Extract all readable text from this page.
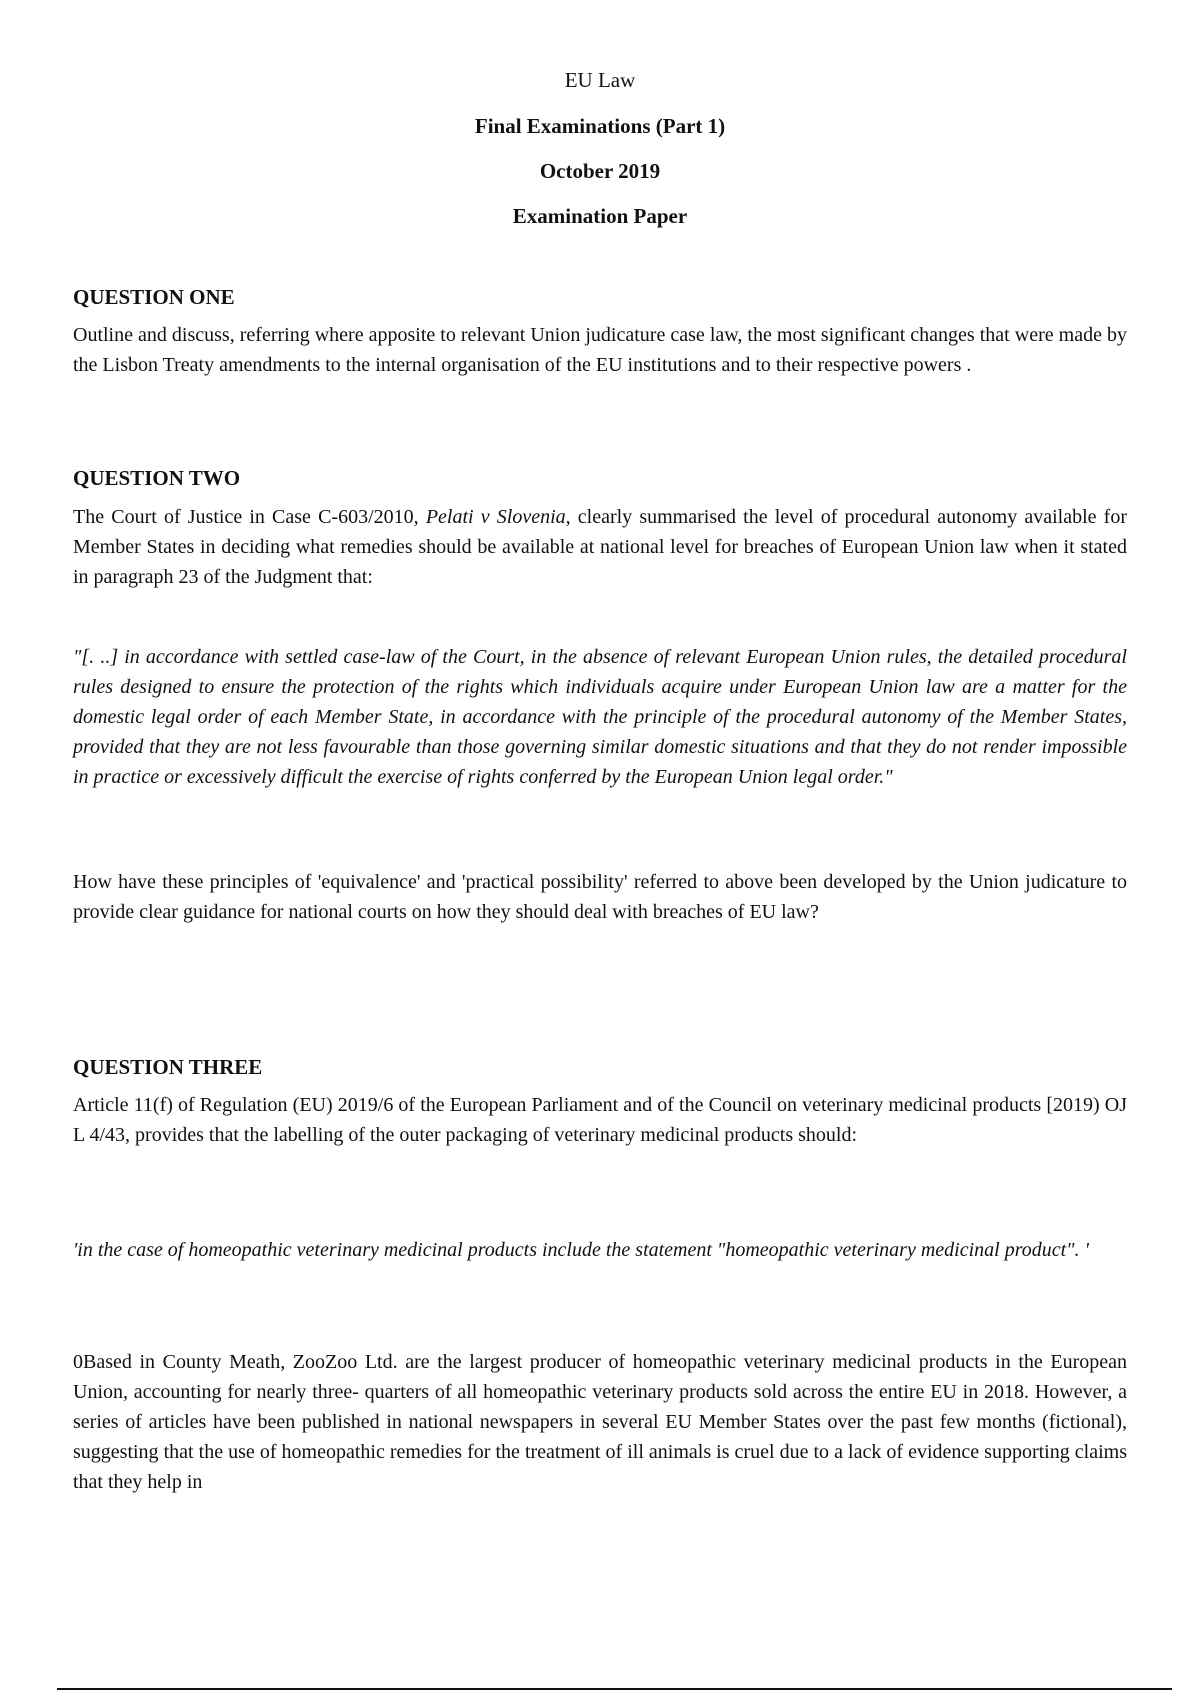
EU Law
Final Examinations (Part 1)
October 2019
Examination Paper
QUESTION ONE
Outline and discuss, referring where apposite to relevant Union judicature case law, the most significant changes that were made by the Lisbon Treaty amendments to the internal organisation of the EU institutions and to their respective powers .
QUESTION TWO
The Court of Justice in Case C-603/2010, Pelati v Slovenia, clearly summarised the level of procedural autonomy available for Member States in deciding what remedies should be available at national level for breaches of European Union law when it stated in paragraph 23 of the Judgment that:
"[. ..] in accordance with settled case-law of the Court, in the absence of relevant European Union rules, the detailed procedural rules designed to ensure the protection of the rights which individuals acquire under European Union law are a matter for the domestic legal order of each Member State, in accordance with the principle of the procedural autonomy of the Member States, provided that they are not less favourable than those governing similar domestic situations and that they do not render impossible in practice or excessively difficult the exercise of rights conferred by the European Union legal order."
How have these principles of 'equivalence' and 'practical possibility' referred to above been developed by the Union judicature to provide clear guidance for national courts on how they should deal with breaches of EU law?
QUESTION THREE
Article 11(f) of Regulation (EU) 2019/6 of the European Parliament and of the Council on veterinary medicinal products [2019) OJ L 4/43, provides that the labelling of the outer packaging of veterinary medicinal products should:
'in the case of homeopathic veterinary medicinal products include the statement "homeopathic veterinary medicinal product". '
0Based in County Meath, ZooZoo Ltd. are the largest producer of homeopathic veterinary medicinal products in the European Union, accounting for nearly three- quarters of all homeopathic veterinary products sold across the entire EU in 2018. However, a series of articles have been published in national newspapers in several EU Member States over the past few months (fictional), suggesting that the use of homeopathic remedies for the treatment of ill animals is cruel due to a lack of evidence supporting claims that they help in
